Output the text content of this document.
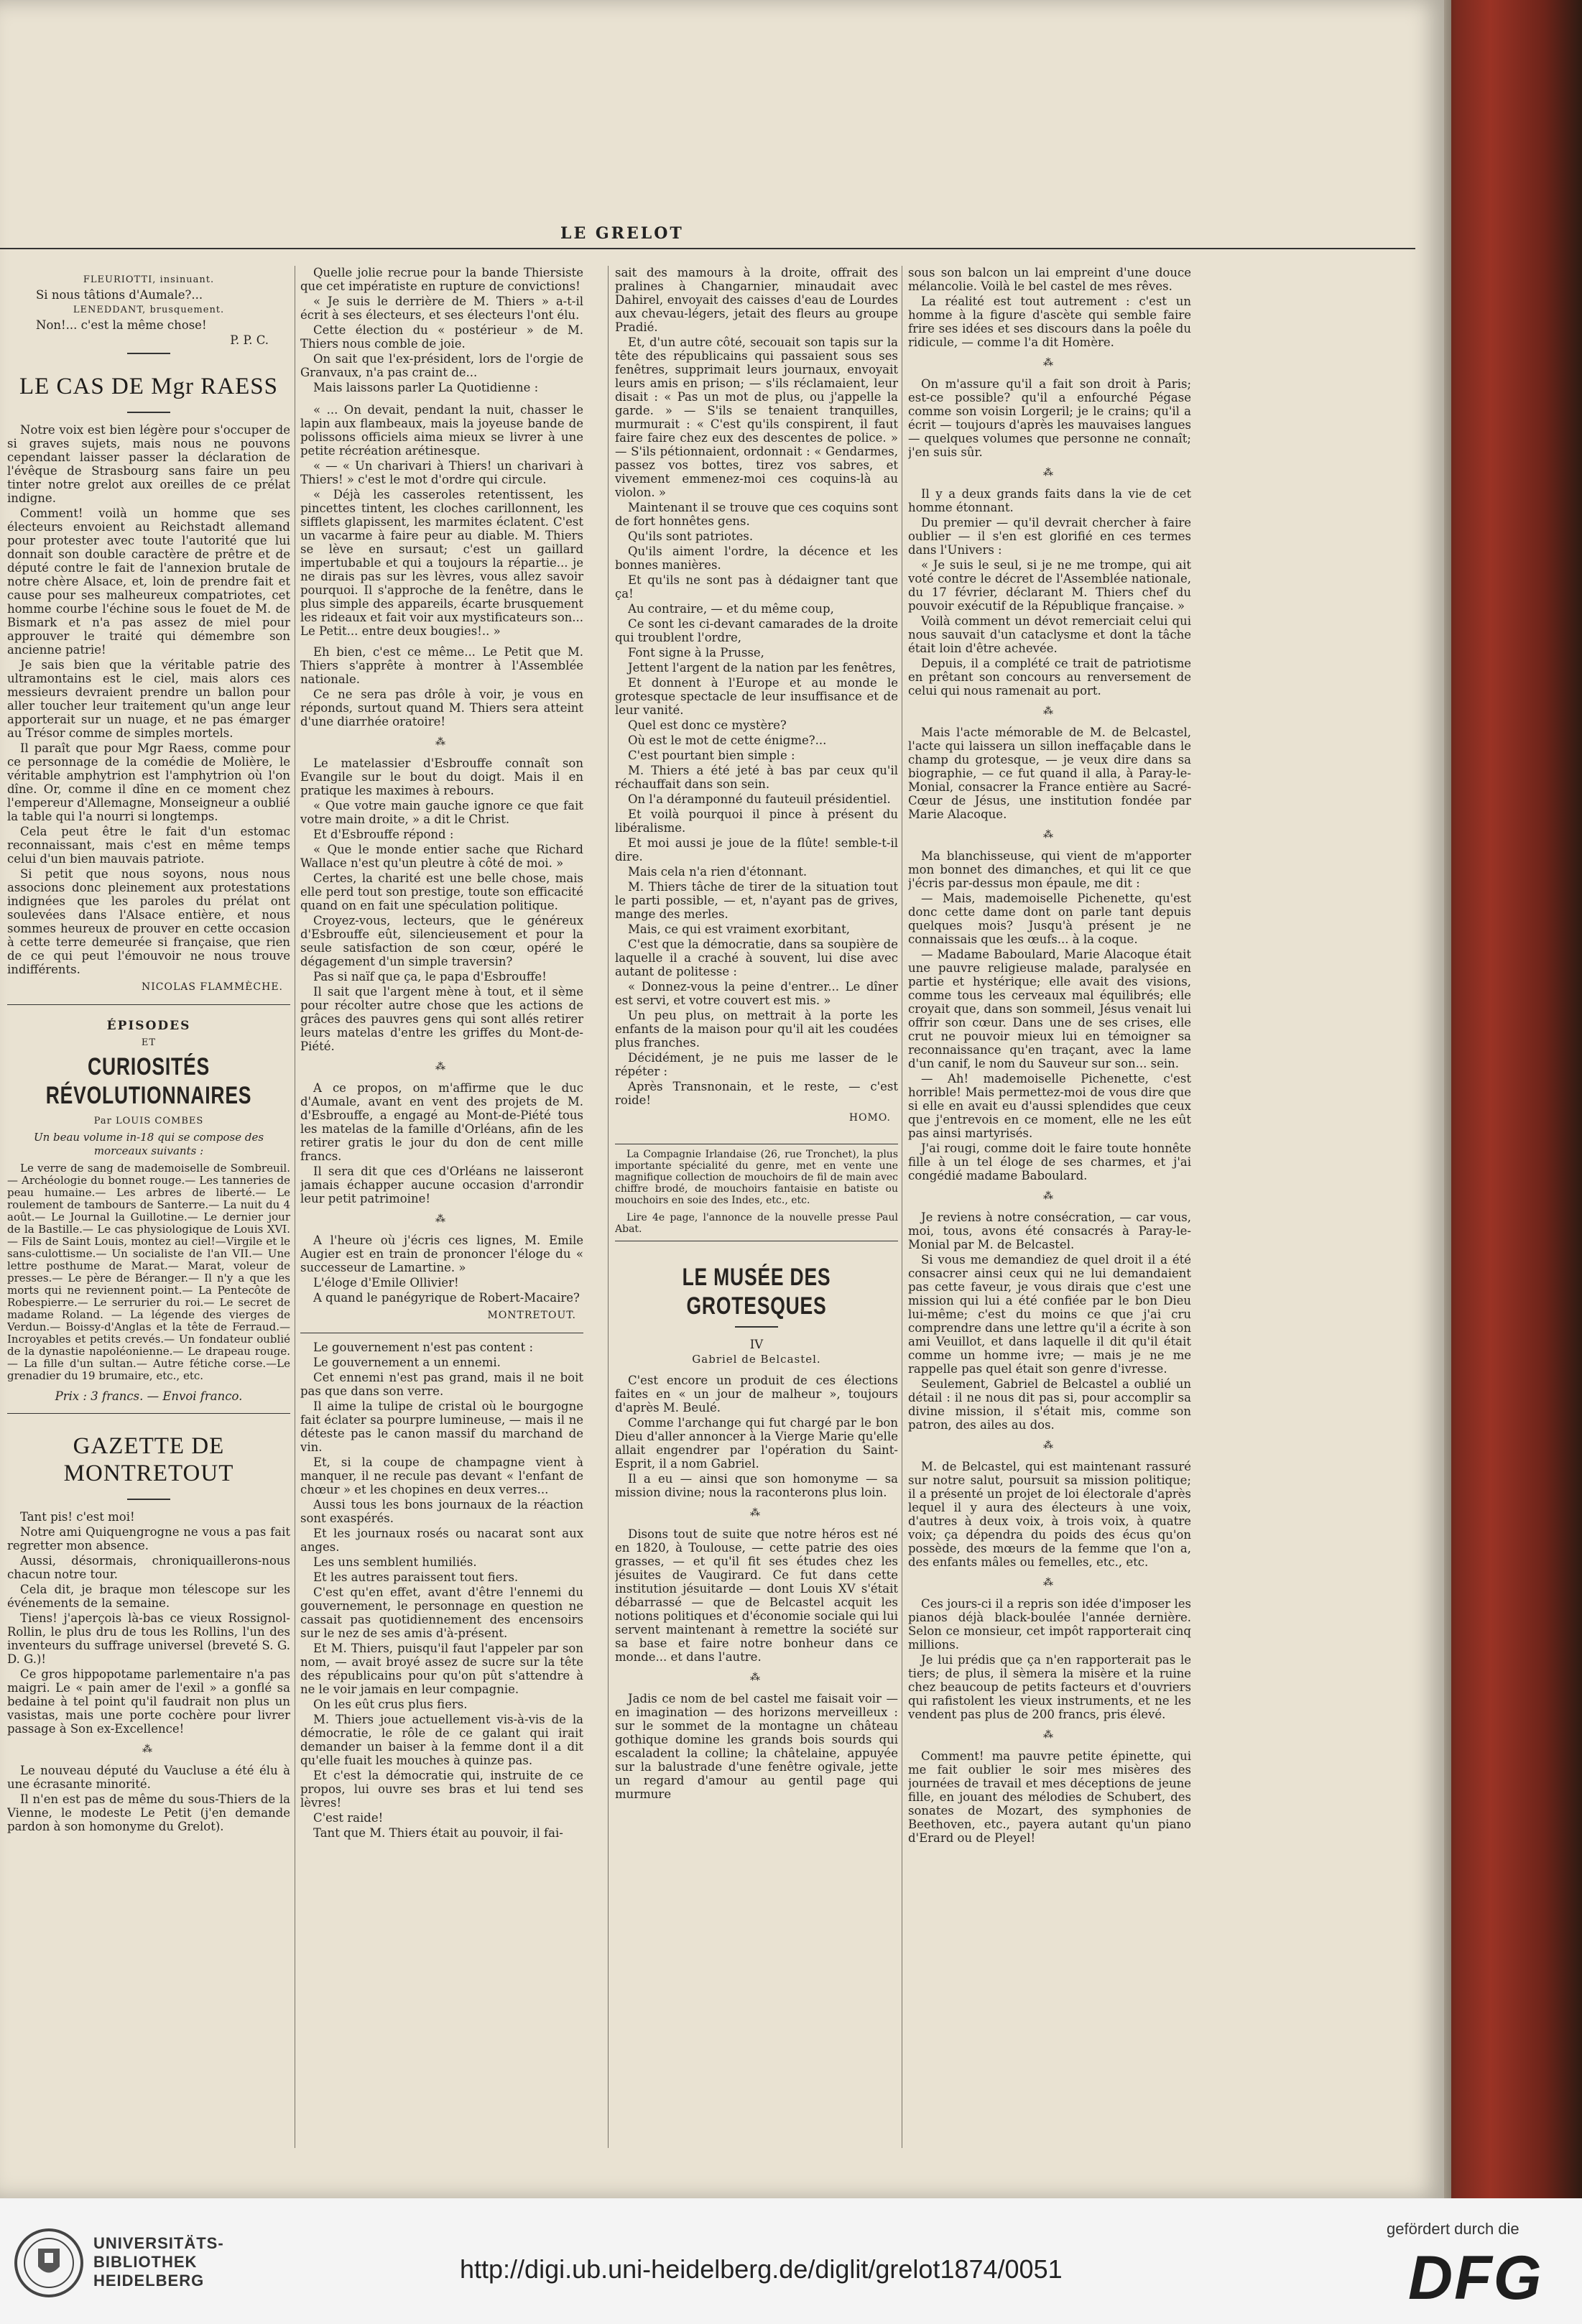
LE GRELOT

FLEURIOTTI, insinuant.

Si nous tâtions d'Aumale?...

LENEDDANT, brusquement.

Non!... c'est la même chose!

P. P. C.

LE CAS DE Mgr RAESS

Notre voix est bien légère pour s'occuper de si graves sujets, mais nous ne pouvons cependant laisser passer la déclaration de l'évêque de Strasbourg sans faire un peu tinter notre grelot aux oreilles de ce prélat indigne.

Comment! voilà un homme que ses électeurs envoient au Reichstadt allemand pour protester avec toute l'autorité que lui donnait son double caractère de prêtre et de député contre le fait de l'annexion brutale de notre chère Alsace, et, loin de prendre fait et cause pour ses malheureux compatriotes, cet homme courbe l'échine sous le fouet de M. de Bismark et n'a pas assez de miel pour approuver le traité qui démembre son ancienne patrie!

Je sais bien que la véritable patrie des ultramontains est le ciel, mais alors ces messieurs devraient prendre un ballon pour aller toucher leur traitement qu'un ange leur apporterait sur un nuage, et ne pas émarger au Trésor comme de simples mortels.

Il paraît que pour Mgr Raess, comme pour ce personnage de la comédie de Molière, le véritable amphytrion est l'amphytrion où l'on dîne. Or, comme il dîne en ce moment chez l'empereur d'Allemagne, Monseigneur a oublié la table qui l'a nourri si longtemps.

Cela peut être le fait d'un estomac reconnaissant, mais c'est en même temps celui d'un bien mauvais patriote.

Si petit que nous soyons, nous nous associons donc pleinement aux protestations indignées que les paroles du prélat ont soulevées dans l'Alsace entière, et nous sommes heureux de prouver en cette occasion à cette terre demeurée si française, que rien de ce qui peut l'émouvoir ne nous trouve indifférents.

NICOLAS FLAMMÈCHE.
ÉPISODES
ET
CURIOSITÉS RÉVOLUTIONNAIRES
Par LOUIS COMBES
Un beau volume in-18 qui se compose des morceaux suivants :

Le verre de sang de mademoiselle de Sombreuil.— Archéologie du bonnet rouge.— Les tanneries de peau humaine.— Les arbres de liberté.— Le roulement de tambours de Santerre.— La nuit du 4 août.— Le Journal la Guillotine.— Le dernier jour de la Bastille.— Le cas physiologique de Louis XVI.— Fils de Saint Louis, montez au ciel!—Virgile et le sans-culottisme.— Un socialiste de l'an VII.— Une lettre posthume de Marat.— Marat, voleur de presses.— Le père de Béranger.— Il n'y a que les morts qui ne reviennent point.— La Pentecôte de Robespierre.— Le serrurier du roi.— Le secret de madame Roland. — La légende des vierges de Verdun.— Boissy-d'Anglas et la tête de Ferraud.— Incroyables et petits crevés.— Un fondateur oublié de la dynastie napoléonienne.— Le drapeau rouge.— La fille d'un sultan.— Autre fétiche corse.—Le grenadier du 19 brumaire, etc., etc.

Prix : 3 francs. — Envoi franco.

GAZETTE DE MONTRETOUT

Tant pis! c'est moi!

Notre ami Quiquengrogne ne vous a pas fait regretter mon absence.

Aussi, désormais, chroniquaillerons-nous chacun notre tour.

Cela dit, je braque mon télescope sur les événements de la semaine.

Tiens! j'aperçois là-bas ce vieux Rossignol-Rollin, le plus dru de tous les Rollins, l'un des inventeurs du suffrage universel (breveté S. G. D. G.)!

Ce gros hippopotame parlementaire n'a pas maigri. Le « pain amer de l'exil » a gonflé sa bedaine à tel point qu'il faudrait non plus un vasistas, mais une porte cochère pour livrer passage à Son ex-Excellence!

⁂

Le nouveau député du Vaucluse a été élu à une écrasante minorité.

Il n'en est pas de même du sous-Thiers de la Vienne, le modeste Le Petit (j'en demande pardon à son homonyme du Grelot).

Quelle jolie recrue pour la bande Thiersiste que cet impératiste en rupture de convictions!

« Je suis le derrière de M. Thiers » a-t-il écrit à ses électeurs, et ses électeurs l'ont élu.

Cette élection du « postérieur » de M. Thiers nous comble de joie.

On sait que l'ex-président, lors de l'orgie de Granvaux, n'a pas craint de...

Mais laissons parler La Quotidienne :

« ... On devait, pendant la nuit, chasser le lapin aux flambeaux, mais la joyeuse bande de polissons officiels aima mieux se livrer à une petite récréation arétinesque.

« — « Un charivari à Thiers! un charivari à Thiers! » c'est le mot d'ordre qui circule.

« Déjà les casseroles retentissent, les pincettes tintent, les cloches carillonnent, les sifflets glapissent, les marmites éclatent. C'est un vacarme à faire peur au diable. M. Thiers se lève en sursaut; c'est un gaillard impertubable et qui a toujours la répartie... je ne dirais pas sur les lèvres, vous allez savoir pourquoi. Il s'approche de la fenêtre, dans le plus simple des appareils, écarte brusquement les rideaux et fait voir aux mystificateurs son... Le Petit... entre deux bougies!.. »

Eh bien, c'est ce même... Le Petit que M. Thiers s'apprête à montrer à l'Assemblée nationale.

Ce ne sera pas drôle à voir, je vous en réponds, surtout quand M. Thiers sera atteint d'une diarrhée oratoire!

⁂

Le matelassier d'Esbrouffe connaît son Evangile sur le bout du doigt. Mais il en pratique les maximes à rebours.

« Que votre main gauche ignore ce que fait votre main droite, » a dit le Christ.

Et d'Esbrouffe répond :

« Que le monde entier sache que Richard Wallace n'est qu'un pleutre à côté de moi. »

Certes, la charité est une belle chose, mais elle perd tout son prestige, toute son efficacité quand on en fait une spéculation politique.

Croyez-vous, lecteurs, que le généreux d'Esbrouffe eût, silencieusement et pour la seule satisfaction de son cœur, opéré le dégagement d'un simple traversin?

Pas si naïf que ça, le papa d'Esbrouffe!

Il sait que l'argent mène à tout, et il sème pour récolter autre chose que les actions de grâces des pauvres gens qui sont allés retirer leurs matelas d'entre les griffes du Mont-de-Piété.

⁂

A ce propos, on m'affirme que le duc d'Aumale, avant en vent des projets de M. d'Esbrouffe, a engagé au Mont-de-Piété tous les matelas de la famille d'Orléans, afin de les retirer gratis le jour du don de cent mille francs.

Il sera dit que ces d'Orléans ne laisseront jamais échapper aucune occasion d'arrondir leur petit patrimoine!

⁂

A l'heure où j'écris ces lignes, M. Emile Augier est en train de prononcer l'éloge du « successeur de Lamartine. »

L'éloge d'Emile Ollivier!

A quand le panégyrique de Robert-Macaire?

MONTRETOUT.

Le gouvernement n'est pas content :

Le gouvernement a un ennemi.

Cet ennemi n'est pas grand, mais il ne boit pas que dans son verre.

Il aime la tulipe de cristal où le bourgogne fait éclater sa pourpre lumineuse, — mais il ne déteste pas le canon massif du marchand de vin.

Et, si la coupe de champagne vient à manquer, il ne recule pas devant « l'enfant de chœur » et les chopines en deux verres...

Aussi tous les bons journaux de la réaction sont exaspérés.

Et les journaux rosés ou nacarat sont aux anges.

Les uns semblent humiliés.

Et les autres paraissent tout fiers.

C'est qu'en effet, avant d'être l'ennemi du gouvernement, le personnage en question ne cassait pas quotidiennement des encensoirs sur le nez de ses amis d'à-présent.

Et M. Thiers, puisqu'il faut l'appeler par son nom, — avait broyé assez de sucre sur la tête des républicains pour qu'on pût s'attendre à ne le voir jamais en leur compagnie.

On les eût crus plus fiers.

M. Thiers joue actuellement vis-à-vis de la démocratie, le rôle de ce galant qui irait demander un baiser à la femme dont il a dit qu'elle fuait les mouches à quinze pas.

Et c'est la démocratie qui, instruite de ce propos, lui ouvre ses bras et lui tend ses lèvres!

C'est raide!

Tant que M. Thiers était au pouvoir, il fai-

sait des mamours à la droite, offrait des pralines à Changarnier, minaudait avec Dahirel, envoyait des caisses d'eau de Lourdes aux chevau-légers, jetait des fleurs au groupe Pradié.

Et, d'un autre côté, secouait son tapis sur la tête des républicains qui passaient sous ses fenêtres, supprimait leurs journaux, envoyait leurs amis en prison; — s'ils réclamaient, leur disait : « Pas un mot de plus, ou j'appelle la garde. » — S'ils se tenaient tranquilles, murmurait : « C'est qu'ils conspirent, il faut faire faire chez eux des descentes de police. » — S'ils pétionnaient, ordonnait : « Gendarmes, passez vos bottes, tirez vos sabres, et vivement emmenez-moi ces coquins-là au violon. »

Maintenant il se trouve que ces coquins sont de fort honnêtes gens.

Qu'ils sont patriotes.

Qu'ils aiment l'ordre, la décence et les bonnes manières.

Et qu'ils ne sont pas à dédaigner tant que ça!

Au contraire, — et du même coup,

Ce sont les ci-devant camarades de la droite qui troublent l'ordre,

Font signe à la Prusse,

Jettent l'argent de la nation par les fenêtres,

Et donnent à l'Europe et au monde le grotesque spectacle de leur insuffisance et de leur vanité.

Quel est donc ce mystère?

Où est le mot de cette énigme?...

C'est pourtant bien simple :

M. Thiers a été jeté à bas par ceux qu'il réchauffait dans son sein.

On l'a déramponné du fauteuil présidentiel.

Et voilà pourquoi il pince à présent du libéralisme.

Et moi aussi je joue de la flûte! semble-t-il dire.

Mais cela n'a rien d'étonnant.

M. Thiers tâche de tirer de la situation tout le parti possible, — et, n'ayant pas de grives, mange des merles.

Mais, ce qui est vraiment exorbitant,

C'est que la démocratie, dans sa soupière de laquelle il a craché à souvent, lui dise avec autant de politesse :

« Donnez-vous la peine d'entrer... Le dîner est servi, et votre couvert est mis. »

Un peu plus, on mettrait à la porte les enfants de la maison pour qu'il ait les coudées plus franches.

Décidément, je ne puis me lasser de le répéter :

Après Transnonain, et le reste, — c'est roide!

HOMO.

La Compagnie Irlandaise (26, rue Tronchet), la plus importante spécialité du genre, met en vente une magnifique collection de mouchoirs de fil de main avec chiffre brodé, de mouchoirs fantaisie en batiste ou mouchoirs en soie des Indes, etc., etc.

Lire 4e page, l'annonce de la nouvelle presse Paul Abat.

LE MUSÉE DES GROTESQUES

IV

Gabriel de Belcastel.

C'est encore un produit de ces élections faites en « un jour de malheur », toujours d'après M. Beulé.

Comme l'archange qui fut chargé par le bon Dieu d'aller annoncer à la Vierge Marie qu'elle allait engendrer par l'opération du Saint-Esprit, il a nom Gabriel.

Il a eu — ainsi que son homonyme — sa mission divine; nous la raconterons plus loin.

⁂

Disons tout de suite que notre héros est né en 1820, à Toulouse, — cette patrie des oies grasses, — et qu'il fit ses études chez les jésuites de Vaugirard. Ce fut dans cette institution jésuitarde — dont Louis XV s'était débarrassé — que de Belcastel acquit les notions politiques et d'économie sociale qui lui servent maintenant à remettre la société sur sa base et faire notre bonheur dans ce monde... et dans l'autre.

⁂

Jadis ce nom de bel castel me faisait voir — en imagination — des horizons merveilleux : sur le sommet de la montagne un château gothique domine les grands bois sourds qui escaladent la colline; la châtelaine, appuyée sur la balustrade d'une fenêtre ogivale, jette un regard d'amour au gentil page qui murmure

sous son balcon un lai empreint d'une douce mélancolie. Voilà le bel castel de mes rêves.

La réalité est tout autrement : c'est un homme à la figure d'ascète qui semble faire frire ses idées et ses discours dans la poêle du ridicule, — comme l'a dit Homère.

⁂

On m'assure qu'il a fait son droit à Paris; est-ce possible? qu'il a enfourché Pégase comme son voisin Lorgeril; je le crains; qu'il a écrit — toujours d'après les mauvaises langues — quelques volumes que personne ne connaît; j'en suis sûr.

⁂

Il y a deux grands faits dans la vie de cet homme étonnant.

Du premier — qu'il devrait chercher à faire oublier — il s'en est glorifié en ces termes dans l'Univers :

« Je suis le seul, si je ne me trompe, qui ait voté contre le décret de l'Assemblée nationale, du 17 février, déclarant M. Thiers chef du pouvoir exécutif de la République française. »

Voilà comment un dévot remerciait celui qui nous sauvait d'un cataclysme et dont la tâche était loin d'être achevée.

Depuis, il a complété ce trait de patriotisme en prêtant son concours au renversement de celui qui nous ramenait au port.

⁂

Mais l'acte mémorable de M. de Belcastel, l'acte qui laissera un sillon ineffaçable dans le champ du grotesque, — je veux dire dans sa biographie, — ce fut quand il alla, à Paray-le-Monial, consacrer la France entière au Sacré-Cœur de Jésus, une institution fondée par Marie Alacoque.

⁂

Ma blanchisseuse, qui vient de m'apporter mon bonnet des dimanches, et qui lit ce que j'écris par-dessus mon épaule, me dit :

— Mais, mademoiselle Pichenette, qu'est donc cette dame dont on parle tant depuis quelques mois? Jusqu'à présent je ne connaissais que les œufs... à la coque.

— Madame Baboulard, Marie Alacoque était une pauvre religieuse malade, paralysée en partie et hystérique; elle avait des visions, comme tous les cerveaux mal équilibrés; elle croyait que, dans son sommeil, Jésus venait lui offrir son cœur. Dans une de ses crises, elle crut ne pouvoir mieux lui en témoigner sa reconnaissance qu'en traçant, avec la lame d'un canif, le nom du Sauveur sur son... sein.

— Ah! mademoiselle Pichenette, c'est horrible! Mais permettez-moi de vous dire que si elle en avait eu d'aussi splendides que ceux que j'entrevois en ce moment, elle ne les eût pas ainsi martyrisés.

J'ai rougi, comme doit le faire toute honnête fille à un tel éloge de ses charmes, et j'ai congédié madame Baboulard.

⁂

Je reviens à notre consécration, — car vous, moi, tous, avons été consacrés à Paray-le-Monial par M. de Belcastel.

Si vous me demandiez de quel droit il a été consacrer ainsi ceux qui ne lui demandaient pas cette faveur, je vous dirais que c'est une mission qui lui a été confiée par le bon Dieu lui-même; c'est du moins ce que j'ai cru comprendre dans une lettre qu'il a écrite à son ami Veuillot, et dans laquelle il dit qu'il était comme un homme ivre; — mais je ne me rappelle pas quel était son genre d'ivresse.

Seulement, Gabriel de Belcastel a oublié un détail : il ne nous dit pas si, pour accomplir sa divine mission, il s'était mis, comme son patron, des ailes au dos.

⁂

M. de Belcastel, qui est maintenant rassuré sur notre salut, poursuit sa mission politique; il a présenté un projet de loi électorale d'après lequel il y aura des électeurs à une voix, d'autres à deux voix, à trois voix, à quatre voix; ça dépendra du poids des écus qu'on possède, des mœurs de la femme que l'on a, des enfants mâles ou femelles, etc., etc.

⁂

Ces jours-ci il a repris son idée d'imposer les pianos déjà black-boulée l'année dernière. Selon ce monsieur, cet impôt rapporterait cinq millions.

Je lui prédis que ça n'en rapporterait pas le tiers; de plus, il sèmera la misère et la ruine chez beaucoup de petits facteurs et d'ouvriers qui rafistolent les vieux instruments, et ne les vendent pas plus de 200 francs, pris élevé.

⁂

Comment! ma pauvre petite épinette, qui me fait oublier le soir mes misères des journées de travail et mes déceptions de jeune fille, en jouant des mélodies de Schubert, des sonates de Mozart, des symphonies de Beethoven, etc., payera autant qu'un piano d'Erard ou de Pleyel!

UNIVERSITÄTS-
BIBLIOTHEK
HEIDELBERG	http://digi.ub.uni-heidelberg.de/diglit/grelot1874/0051
gefördert durch die
DFG
